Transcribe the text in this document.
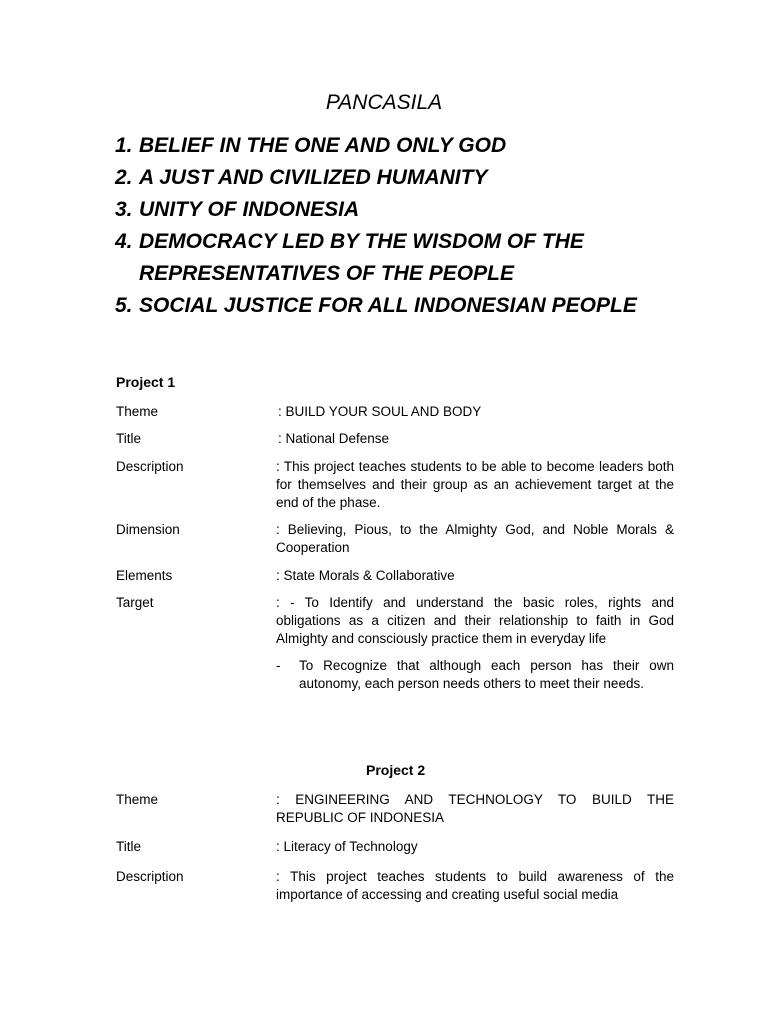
PANCASILA
1. BELIEF IN THE ONE AND ONLY GOD
2. A JUST AND CIVILIZED HUMANITY
3. UNITY OF INDONESIA
4. DEMOCRACY LED BY THE WISDOM OF THE REPRESENTATIVES OF THE PEOPLE
5. SOCIAL JUSTICE FOR ALL INDONESIAN PEOPLE
Project 1
Theme	: BUILD YOUR SOUL AND BODY
Title	: National Defense
Description	: This project teaches students to be able to become leaders both for themselves and their group as an achievement target at the end of the phase.
Dimension	: Believing, Pious, to the Almighty God, and Noble Morals & Cooperation
Elements	: State Morals & Collaborative
Target	: - To Identify and understand the basic roles, rights and obligations as a citizen and their relationship to faith in God Almighty and consciously practice them in everyday life
- To Recognize that although each person has their own autonomy, each person needs others to meet their needs.
Project 2
Theme	: ENGINEERING AND TECHNOLOGY TO BUILD THE REPUBLIC OF INDONESIA
Title	: Literacy of Technology
Description	: This project teaches students to build awareness of the importance of accessing and creating useful social media
